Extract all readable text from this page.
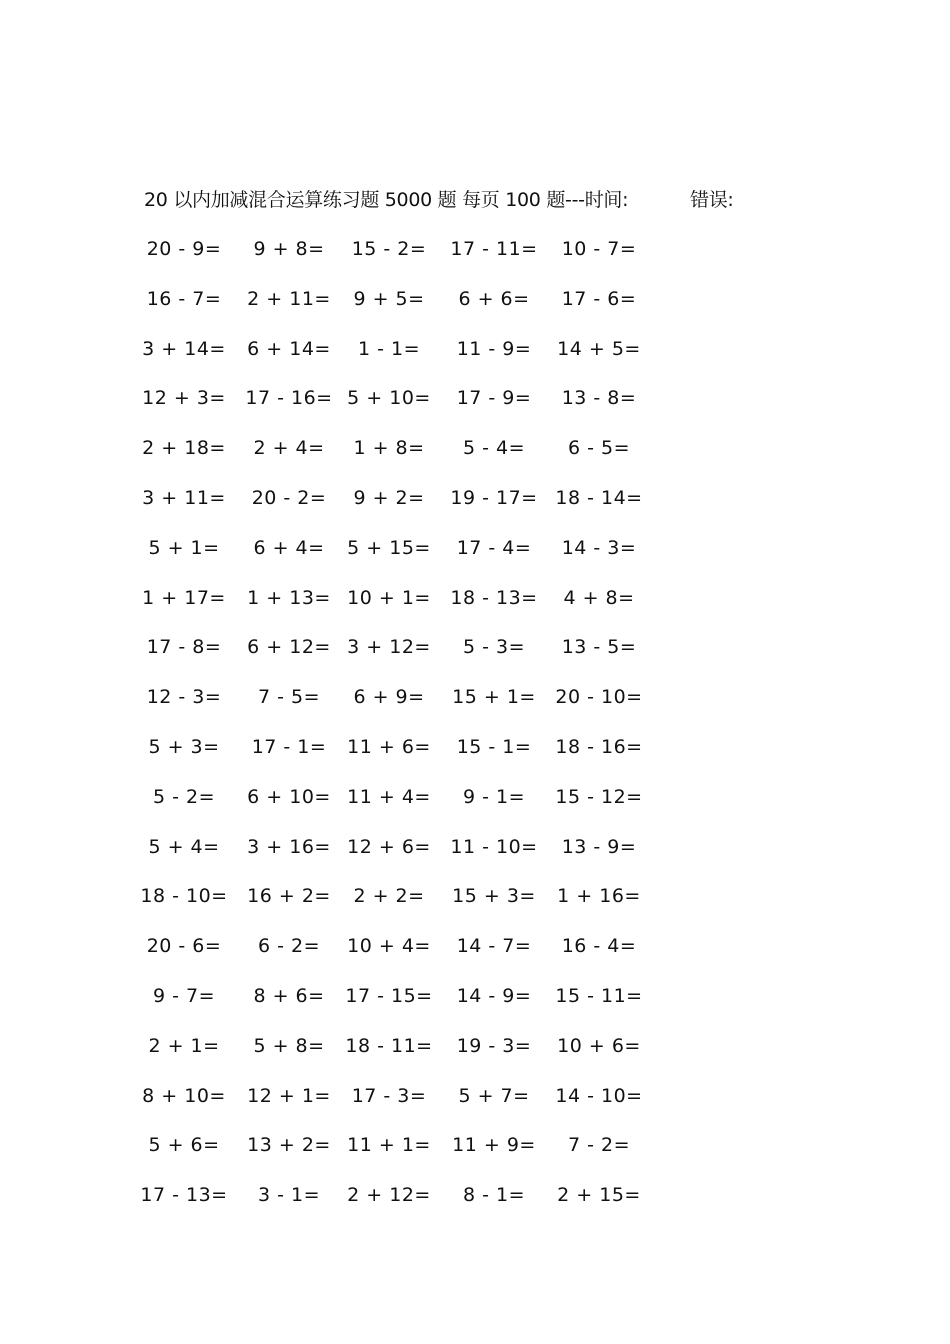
20 以内加减混合运算练习题 5000 题 每页 100 题---时间:	错误:
20 - 9=	9 + 8=	15 - 2=	17 - 11=	10 - 7=
16 - 7=	2 + 11=	9 + 5=	6 + 6=	17 - 6=
3 + 14=	6 + 14=	1 - 1=	11 - 9=	14 + 5=
12 + 3=	17 - 16= 5 + 10=	17 - 9=	13 - 8=
2 + 18=	2 + 4=	1 + 8=	5 - 4=	6 - 5=
3 + 11=	20 - 2=	9 + 2=	19 - 17= 18 - 14=
5 + 1=	6 + 4=	5 + 15=	17 - 4=	14 - 3=
1 + 17=	1 + 13= 10 + 1=	18 - 13=	4 + 8=
17 - 8=	6 + 12= 3 + 12=	5 - 3=	13 - 5=
12 - 3=	7 - 5=	6 + 9=	15 + 1=	20 - 10=
5 + 3=	17 - 1=	11 + 6=	15 - 1=	18 - 16=
5 - 2=	6 + 10= 11 + 4=	9 - 1=	15 - 12=
5 + 4=	3 + 16= 12 + 6=	11 - 10=	13 - 9=
18 - 10=	16 + 2=	2 + 2=	15 + 3=	1 + 16=
20 - 6=	6 - 2=	10 + 4=	14 - 7=	16 - 4=
9 - 7=	8 + 6=	17 - 15=	14 - 9=	15 - 11=
2 + 1=	5 + 8=	18 - 11=	19 - 3=	10 + 6=
8 + 10=	12 + 1=	17 - 3=	5 + 7=	14 - 10=
5 + 6=	13 + 2= 11 + 1=	11 + 9=	7 - 2=
17 - 13=	3 - 1=	2 + 12=	8 - 1=	2 + 15=
